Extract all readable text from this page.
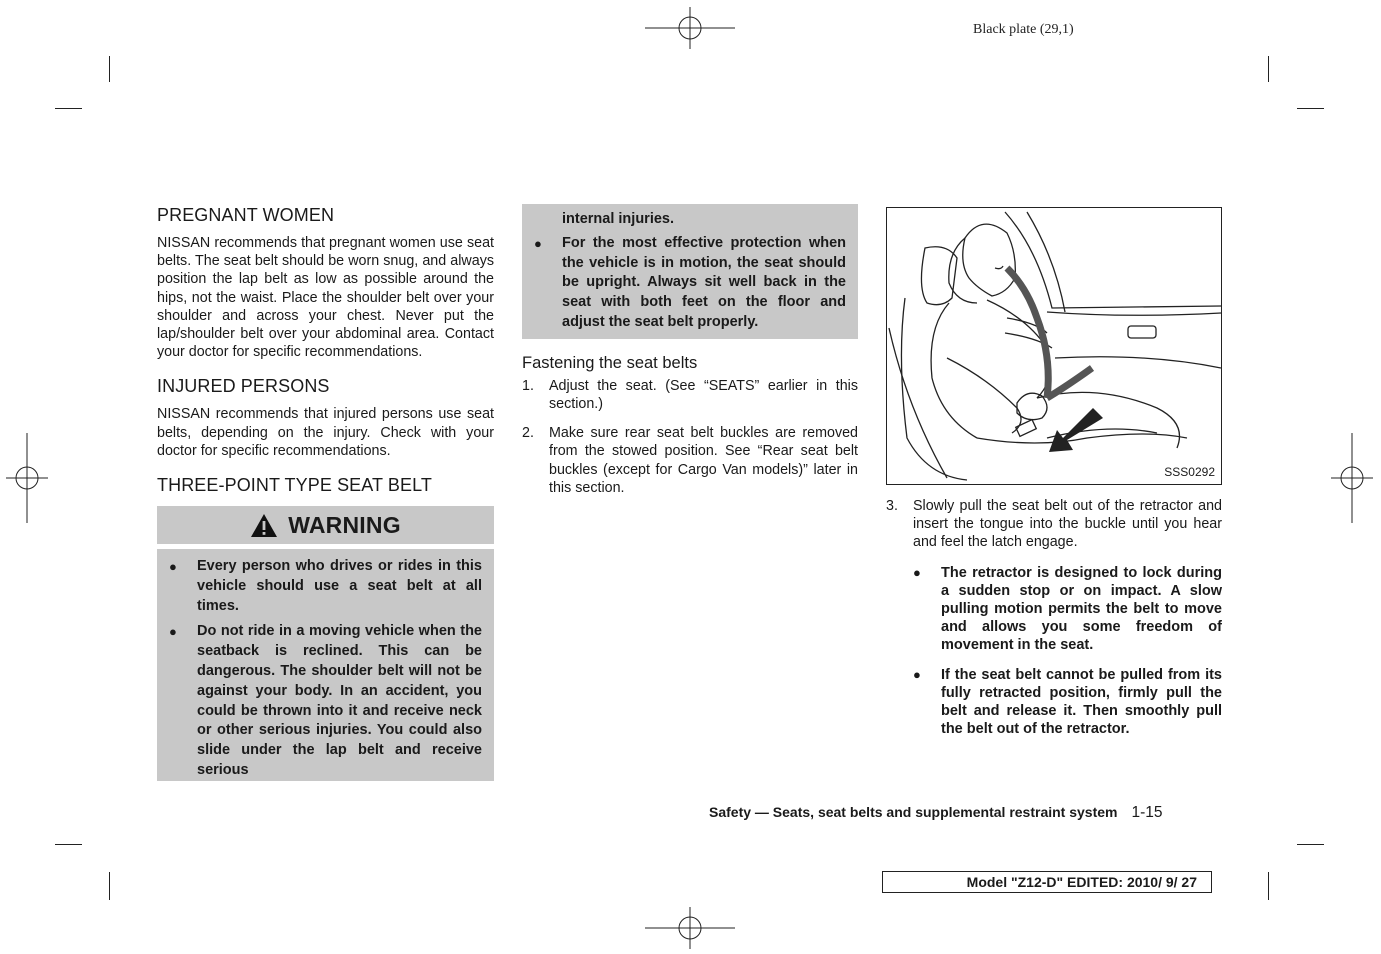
Black plate (29,1)
PREGNANT WOMEN

NISSAN recommends that pregnant women use seat belts. The seat belt should be worn snug, and always position the lap belt as low as possible around the hips, not the waist. Place the shoulder belt over your shoulder and across your chest. Never put the lap/shoulder belt over your abdominal area. Contact your doctor for specific recommendations.

INJURED PERSONS

NISSAN recommends that injured persons use seat belts, depending on the injury. Check with your doctor for specific recommendations.

THREE-POINT TYPE SEAT BELT
WARNING
●	Every person who drives or rides in this vehicle should use a seat belt at all times.
●	Do not ride in a moving vehicle when the seatback is reclined. This can be dangerous. The shoulder belt will not be against your body. In an accident, you could be thrown into it and receive neck or other serious injuries. You could also slide under the lap belt and receive serious
internal injuries.
●	For the most effective protection when the vehicle is in motion, the seat should be upright. Always sit well back in the seat with both feet on the floor and adjust the seat belt properly.
Fastening the seat belts
1.	Adjust the seat. (See “SEATS” earlier in this section.)
2.	Make sure rear seat belt buckles are removed from the stowed position. See “Rear seat belt buckles (except for Cargo Van models)” later in this section.
SSS0292
3.	Slowly pull the seat belt out of the retractor and insert the tongue into the buckle until you hear and feel the latch engage.
●	The retractor is designed to lock during a sudden stop or on impact. A slow pulling motion permits the belt to move and allows you some freedom of movement in the seat.
●	If the seat belt cannot be pulled from its fully retracted position, firmly pull the belt and release it. Then smoothly pull the belt out of the retractor.
Safety — Seats, seat belts and supplemental restraint system 1-15
Model "Z12-D" EDITED: 2010/ 9/ 27
